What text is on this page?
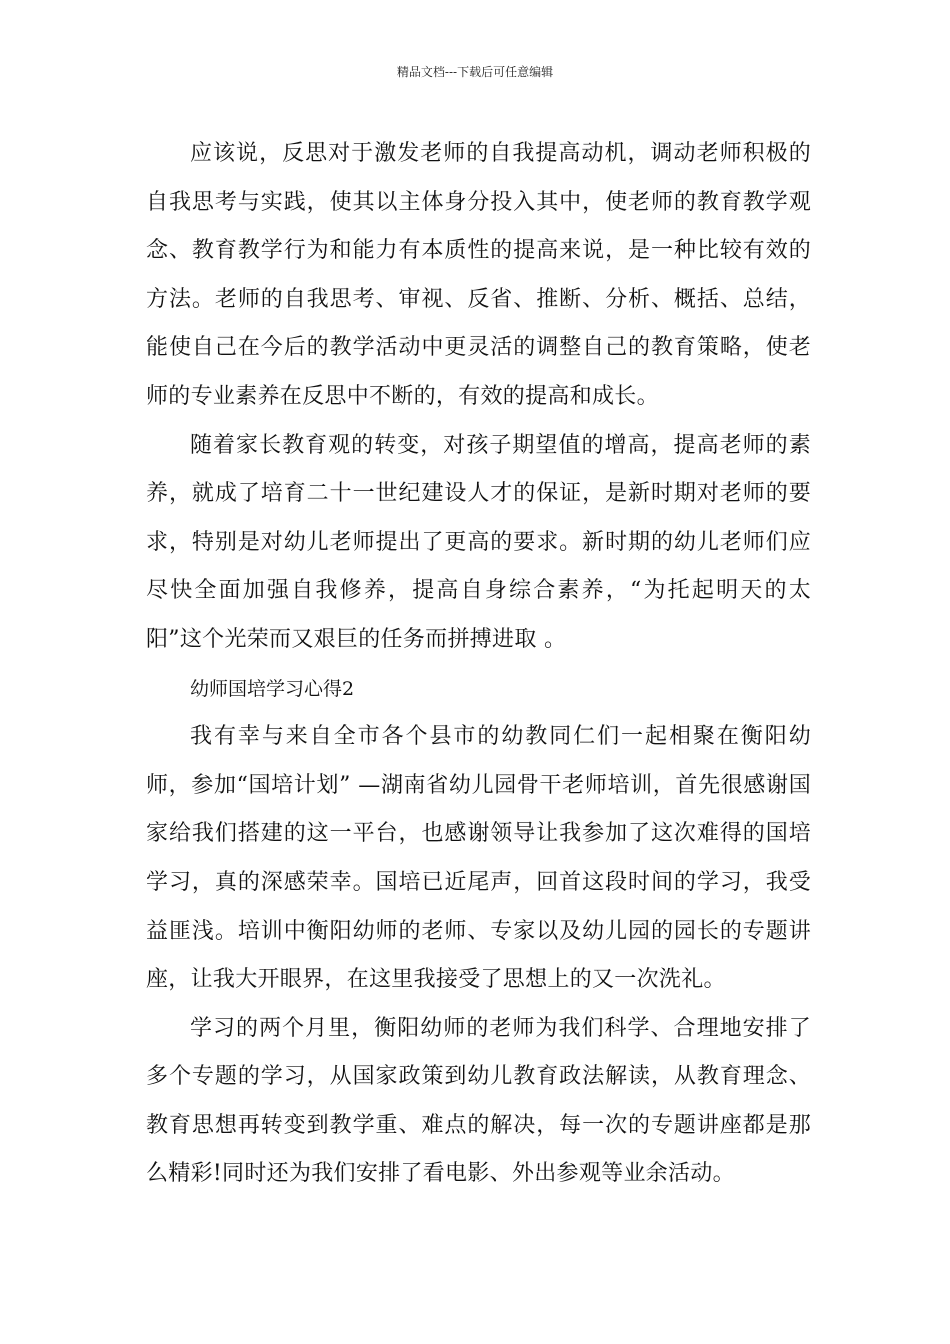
精品文档---下载后可任意编辑

应该说，反思对于激发老师的自我提高动机，调动老师积极的自我思考与实践，使其以主体身分投入其中，使老师的教育教学观念、教育教学行为和能力有本质性的提高来说，是一种比较有效的方法。老师的自我思考、审视、反省、推断、分析、概括、总结，能使自己在今后的教学活动中更灵活的调整自己的教育策略，使老师的专业素养在反思中不断的，有效的提高和成长。

随着家长教育观的转变，对孩子期望值的增高，提高老师的素养，就成了培育二十一世纪建设人才的保证，是新时期对老师的要求，特别是对幼儿老师提出了更高的要求。新时期的幼儿老师们应尽快全面加强自我修养，提高自身综合素养，“为托起明天的太阳”这个光荣而又艰巨的任务而拼搏进取 。

幼师国培学习心得2

我有幸与来自全市各个县市的幼教同仁们一起相聚在衡阳幼师，参加“国培计划” —湖南省幼儿园骨干老师培训，首先很感谢国家给我们搭建的这一平台，也感谢领导让我参加了这次难得的国培学习，真的深感荣幸。国培已近尾声，回首这段时间的学习，我受益匪浅。培训中衡阳幼师的老师、专家以及幼儿园的园长的专题讲座，让我大开眼界，在这里我接受了思想上的又一次洗礼。

学习的两个月里，衡阳幼师的老师为我们科学、合理地安排了多个专题的学习，从国家政策到幼儿教育政法解读，从教育理念、教育思想再转变到教学重、难点的解决，每一次的专题讲座都是那么精彩!同时还为我们安排了看电影、外出参观等业余活动。
